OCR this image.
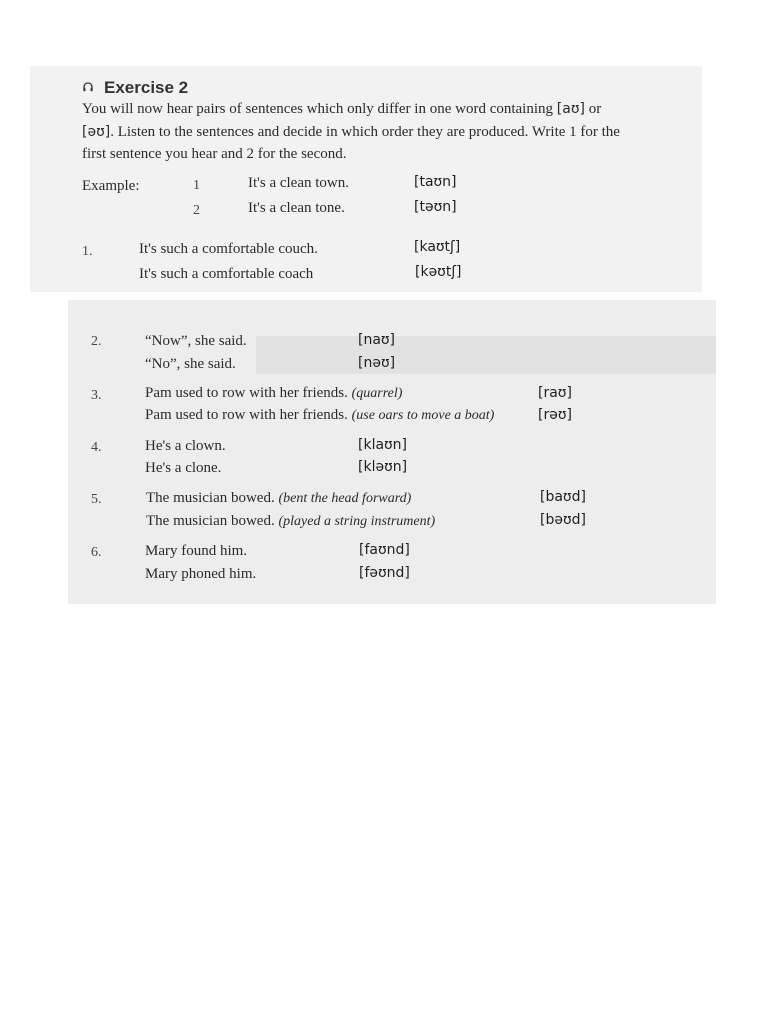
Exercise 2
You will now hear pairs of sentences which only differ in one word containing [aʊ] or
[əʊ]. Listen to the sentences and decide in which order they are produced. Write 1 for the
first sentence you hear and 2 for the second.
Example:	1	It's a clean town.	[taʊn]
2	It's a clean tone.	[təʊn]
1.	It's such a comfortable couch.	[kaʊtʃ]
It's such a comfortable coach	[kəʊtʃ]
2.	“Now”, she said.	[naʊ]
“No”, she said.	[nəʊ]
3.	Pam used to row with her friends. (quarrel)	[raʊ]
Pam used to row with her friends. (use oars to move a boat)	[rəʊ]
4.	He's a clown.	[klaʊn]
He's a clone.	[kləʊn]
5.	The musician bowed. (bent the head forward)	[baʊd]
The musician bowed. (played a string instrument)	[bəʊd]
6.	Mary found him.	[faʊnd]
Mary phoned him.	[fəʊnd]
